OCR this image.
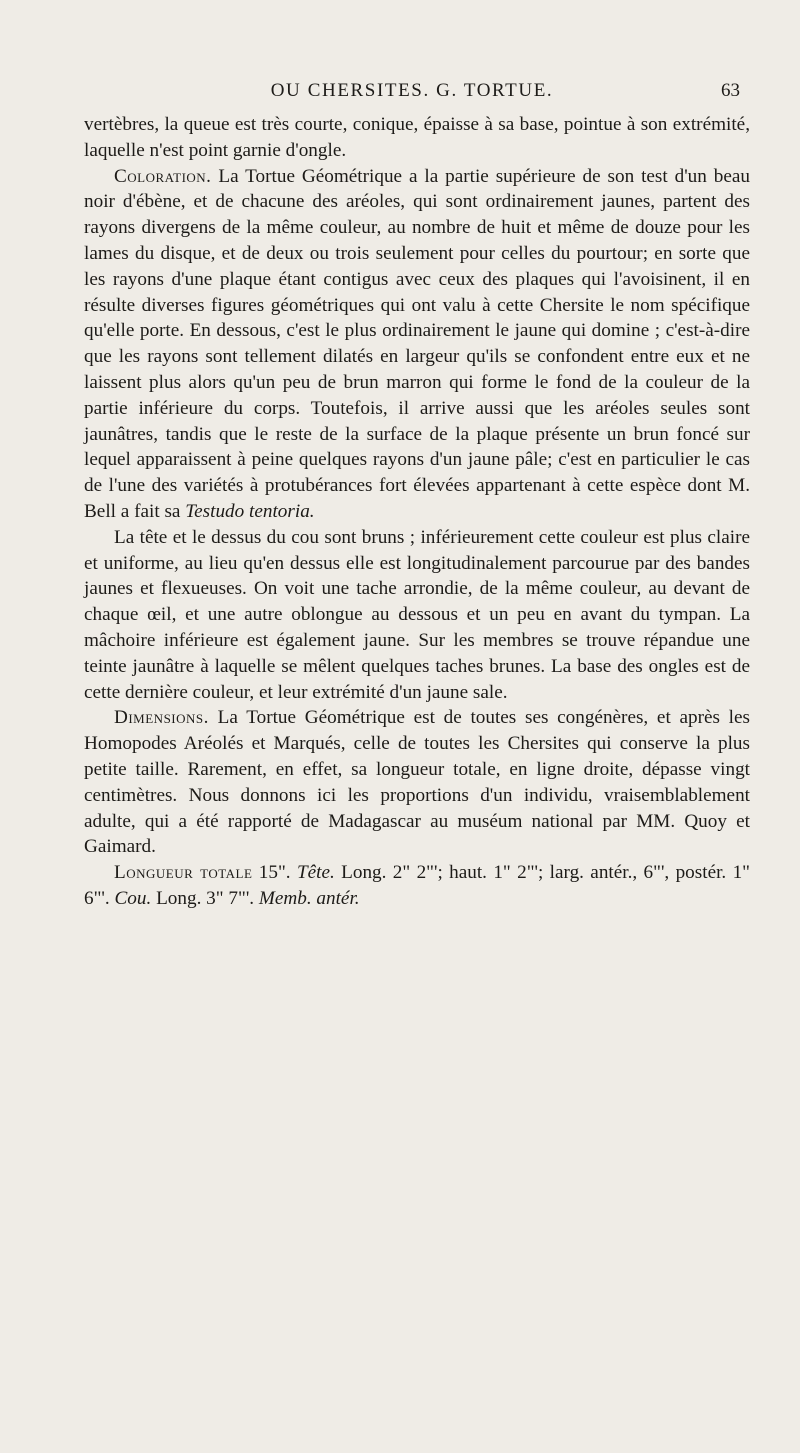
OU CHERSITES. G. TORTUE.	63

vertèbres, la queue est très courte, conique, épaisse à sa base, pointue à son extrémité, laquelle n'est point garnie d'ongle.

Coloration. La Tortue Géométrique a la partie supérieure de son test d'un beau noir d'ébène, et de chacune des aréoles, qui sont ordinairement jaunes, partent des rayons divergens de la même couleur, au nombre de huit et même de douze pour les lames du disque, et de deux ou trois seulement pour celles du pourtour; en sorte que les rayons d'une plaque étant contigus avec ceux des plaques qui l'avoisinent, il en résulte diverses figures géométriques qui ont valu à cette Chersite le nom spécifique qu'elle porte. En dessous, c'est le plus ordinairement le jaune qui domine ; c'est-à-dire que les rayons sont tellement dilatés en largeur qu'ils se confondent entre eux et ne laissent plus alors qu'un peu de brun marron qui forme le fond de la couleur de la partie inférieure du corps. Toutefois, il arrive aussi que les aréoles seules sont jaunâtres, tandis que le reste de la surface de la plaque présente un brun foncé sur lequel apparaissent à peine quelques rayons d'un jaune pâle; c'est en particulier le cas de l'une des variétés à protubérances fort élevées appartenant à cette espèce dont M. Bell a fait sa Testudo tentoria.

La tête et le dessus du cou sont bruns ; inférieurement cette couleur est plus claire et uniforme, au lieu qu'en dessus elle est longitudinalement parcourue par des bandes jaunes et flexueuses. On voit une tache arrondie, de la même couleur, au devant de chaque œil, et une autre oblongue au dessous et un peu en avant du tympan. La mâchoire inférieure est également jaune. Sur les membres se trouve répandue une teinte jaunâtre à laquelle se mêlent quelques taches brunes. La base des ongles est de cette dernière couleur, et leur extrémité d'un jaune sale.

Dimensions. La Tortue Géométrique est de toutes ses congénères, et après les Homopodes Aréolés et Marqués, celle de toutes les Chersites qui conserve la plus petite taille. Rarement, en effet, sa longueur totale, en ligne droite, dépasse vingt centimètres. Nous donnons ici les proportions d'un individu, vraisemblablement adulte, qui a été rapporté de Madagascar au muséum national par MM. Quoy et Gaimard.

Longueur totale 15". Tête. Long. 2" 2"'; haut. 1" 2"'; larg. antér., 6"', postér. 1" 6"'. Cou. Long. 3" 7"'. Memb. antér.
